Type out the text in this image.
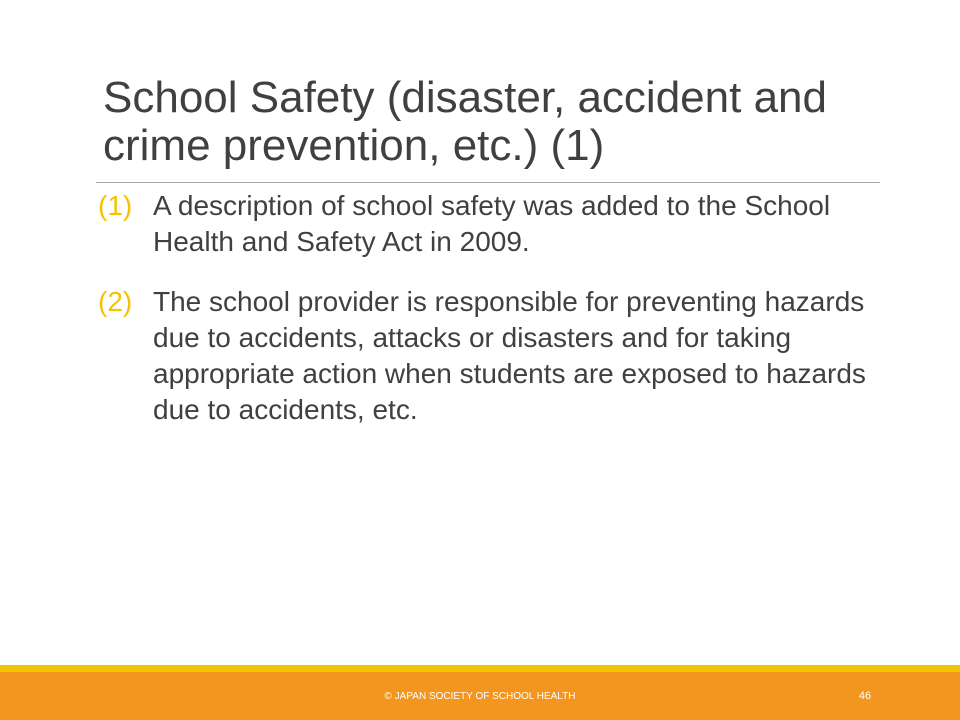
School Safety (disaster, accident and crime prevention, etc.) (1)
(1) A description of school safety was added to the School Health and Safety Act in 2009.
(2) The school provider is responsible for preventing hazards due to accidents, attacks or disasters and for taking appropriate action when students are exposed to hazards due to accidents, etc.
© JAPAN SOCIETY OF SCHOOL HEALTH	46
